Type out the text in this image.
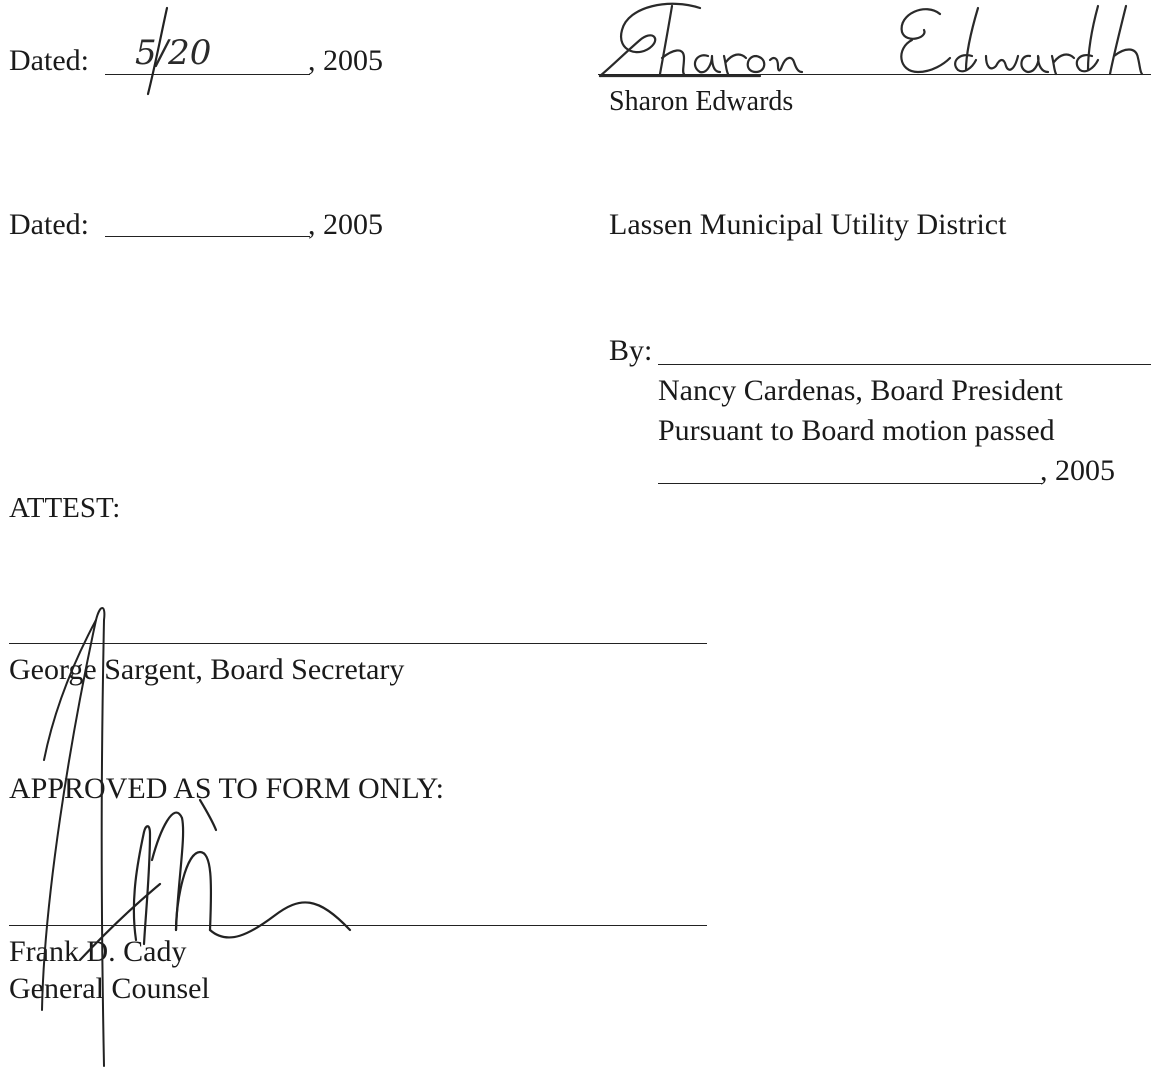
Dated:	, 2005
Dated:	, 2005
ATTEST:
George Sargent, Board Secretary
APPROVED AS TO FORM ONLY:
Frank D. Cady
General Counsel
Sharon Edwards
Lassen Municipal Utility District
By:
Nancy Cardenas, Board President
Pursuant to Board motion passed
, 2005
5/20
